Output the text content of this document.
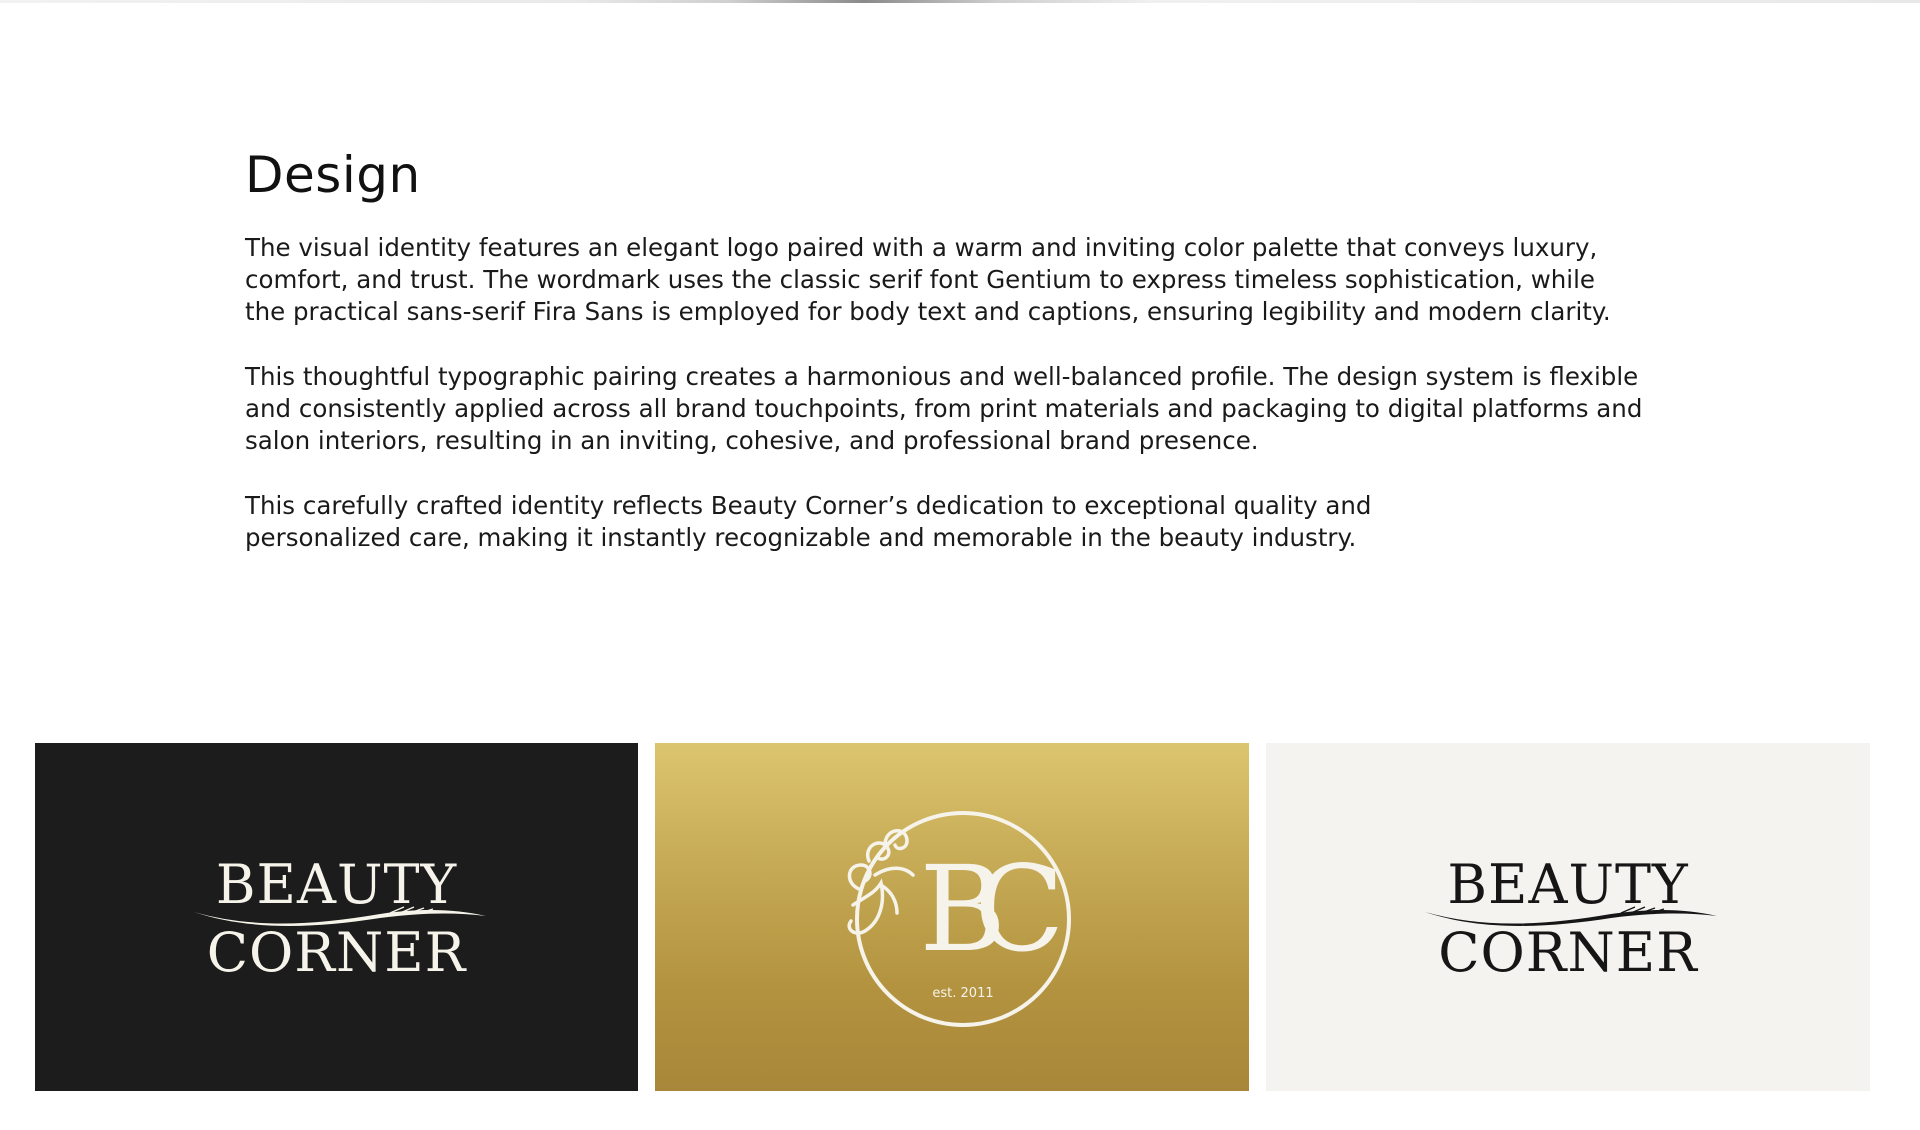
Design

The visual identity features an elegant logo paired with a warm and inviting color palette that conveys luxury,
comfort, and trust. The wordmark uses the classic serif font Gentium to express timeless sophistication, while
the practical sans-serif Fira Sans is employed for body text and captions, ensuring legibility and modern clarity.

This thoughtful typographic pairing creates a harmonious and well-balanced profile. The design system is flexible
and consistently applied across all brand touchpoints, from print materials and packaging to digital platforms and
salon interiors, resulting in an inviting, cohesive, and professional brand presence.

This carefully crafted identity reflects Beauty Corner’s dedication to exceptional quality and
personalized care, making it instantly recognizable and memorable in the beauty industry.

BEAUTY
CORNER	BC
est. 2011
BEAUTY
CORNER
